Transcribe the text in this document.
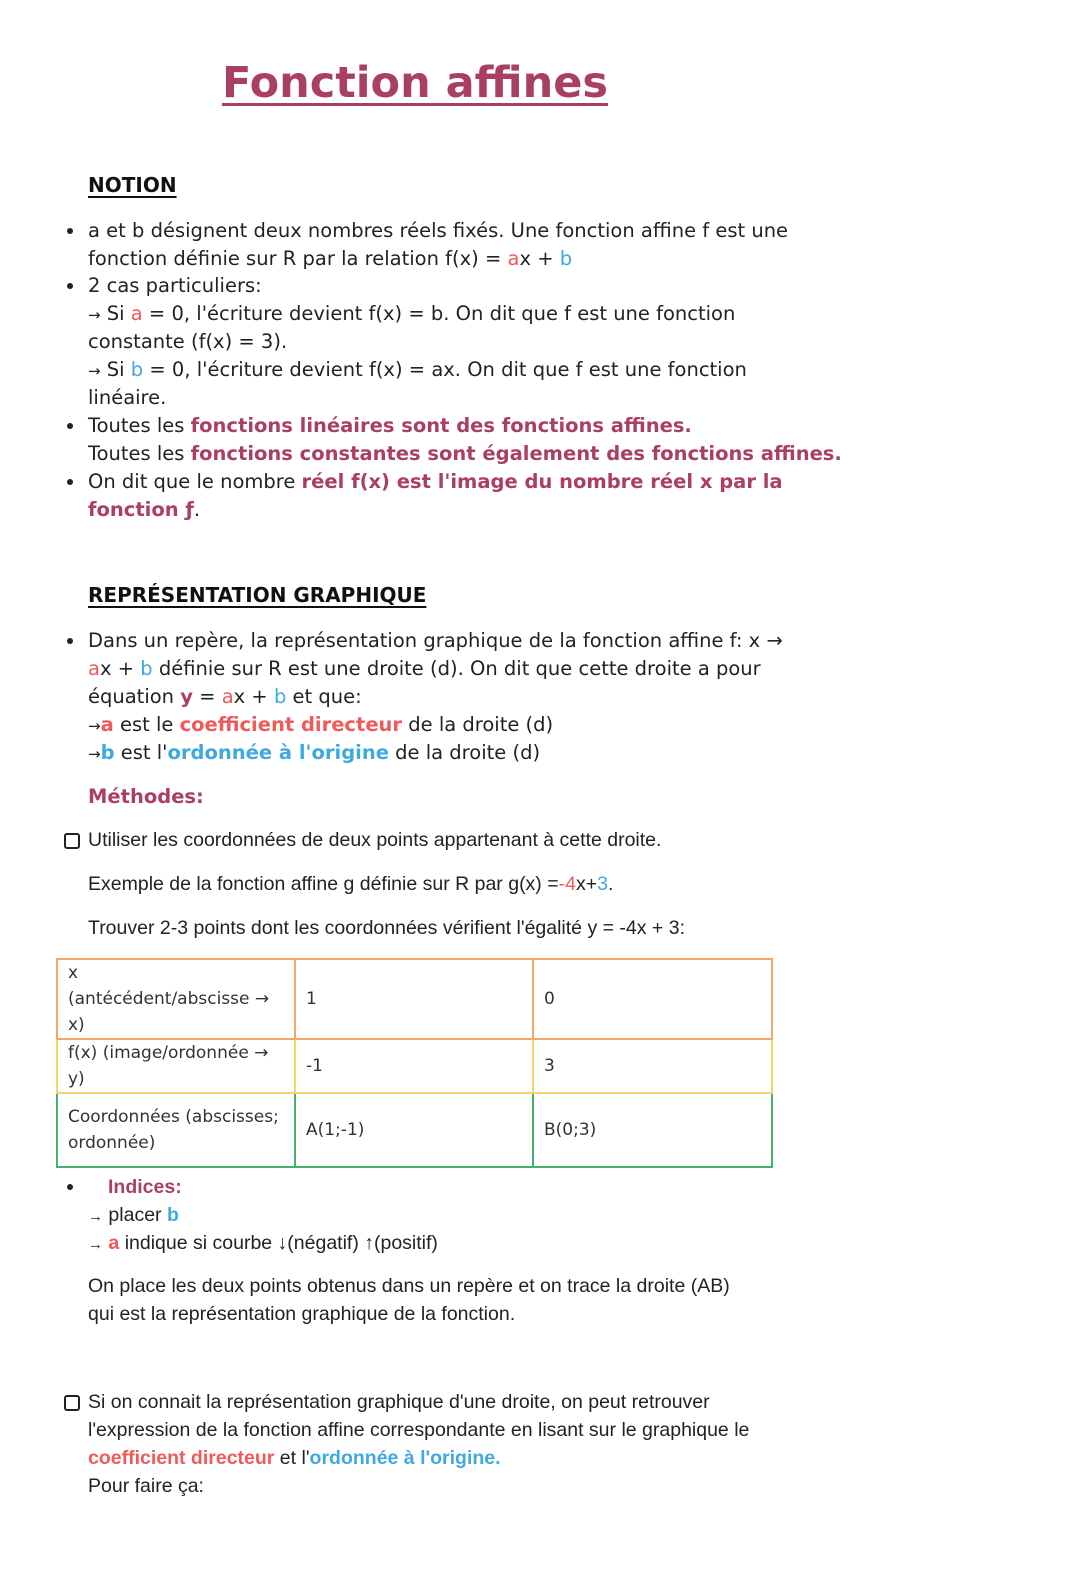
Fonction affines
NOTION
a et b désignent deux nombres réels fixés. Une fonction affine f est une
fonction définie sur R par la relation f(x) = ax + b
2 cas particuliers:
→ Si a = 0, l'écriture devient f(x) = b. On dit que f est une fonction
constante (f(x) = 3).
→ Si b = 0, l'écriture devient f(x) = ax. On dit que f est une fonction
linéaire.
Toutes les fonctions linéaires sont des fonctions affines.
Toutes les fonctions constantes sont également des fonctions affines.
On dit que le nombre réel f(x) est l'image du nombre réel x par la
fonction ƒ.
REPRÉSENTATION GRAPHIQUE
Dans un repère, la représentation graphique de la fonction affine f: x →
ax + b définie sur R est une droite (d). On dit que cette droite a pour
équation y = ax + b et que:
→a est le coefficient directeur de la droite (d)
→b est l'ordonnée à l'origine de la droite (d)
Méthodes:
Utiliser les coordonnées de deux points appartenant à cette droite.
Exemple de la fonction affine g définie sur R par g(x) =-4x+3.
Trouver 2-3 points dont les coordonnées vérifient l'égalité y = -4x + 3:
x
(antécédent/abscisse → x)	1	0
f(x) (image/ordonnée → y)	-1	3

Coordonnées (abscisses;
ordonnée)	A(1;-1)	B(0;3)
Indices:
→ placer b
→ a indique si courbe ↓(négatif) ↑(positif)
On place les deux points obtenus dans un repère et on trace la droite (AB)
qui est la représentation graphique de la fonction.
Si on connait la représentation graphique d'une droite, on peut retrouver
l'expression de la fonction affine correspondante en lisant sur le graphique le
coefficient directeur et l'ordonnée à l'origine.
Pour faire ça:
